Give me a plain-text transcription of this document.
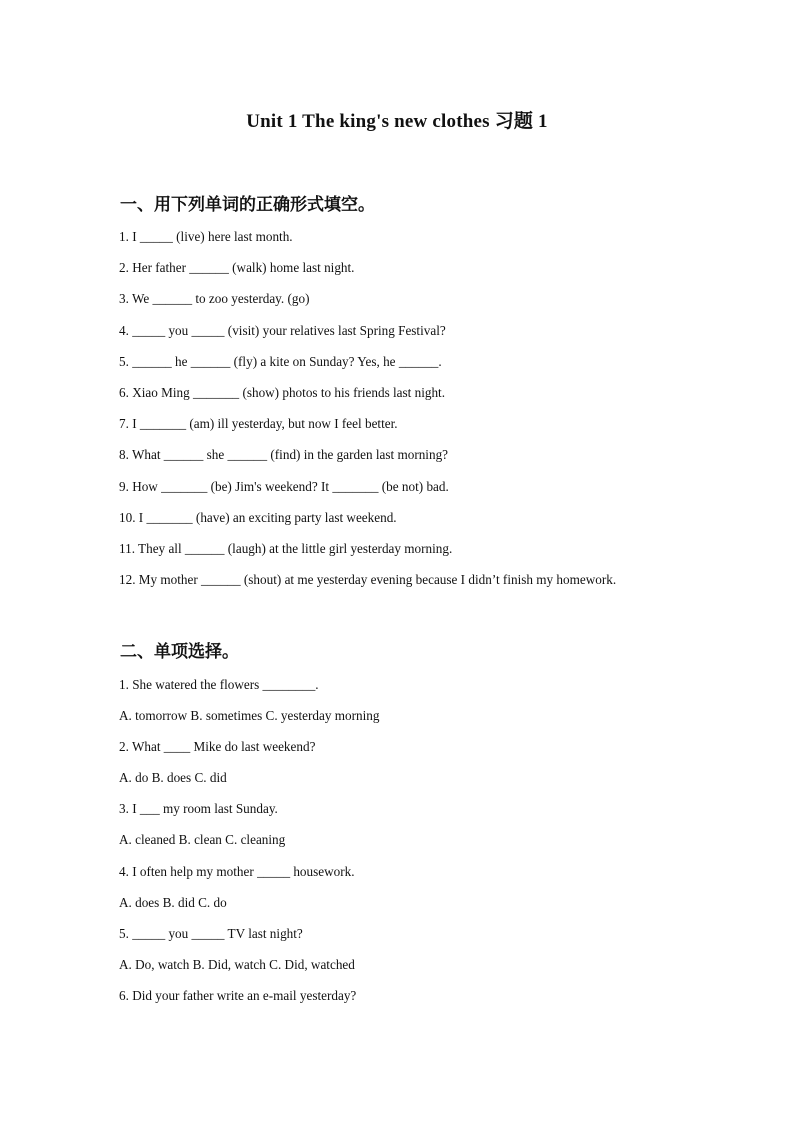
Unit 1 The king's new clothes 习题 1
一、用下列单词的正确形式填空。
1. I _____ (live) here last month.
2. Her father ______ (walk) home last night.
3. We ______ to zoo yesterday. (go)
4. _____ you _____ (visit) your relatives last Spring Festival?
5. ______ he ______ (fly) a kite on Sunday? Yes, he ______.
6. Xiao Ming _______ (show) photos to his friends last night.
7. I _______ (am) ill yesterday, but now I feel better.
8. What ______ she ______ (find) in the garden last morning?
9. How _______ (be) Jim's weekend? It _______ (be not) bad.
10. I _______ (have) an exciting party last weekend.
11. They all ______ (laugh) at the little girl yesterday morning.
12. My mother ______ (shout) at me yesterday evening because I didn’t finish my homework.
二、单项选择。
1. She watered the flowers ________.
A. tomorrow B. sometimes C. yesterday morning
2. What ____ Mike do last weekend?
A. do B. does C. did
3. I ___ my room last Sunday.
A. cleaned B. clean C. cleaning
4. I often help my mother _____ housework.
A. does B. did C. do
5. _____ you _____ TV last night?
A. Do, watch B. Did, watch C. Did, watched
6. Did your father write an e-mail yesterday?
